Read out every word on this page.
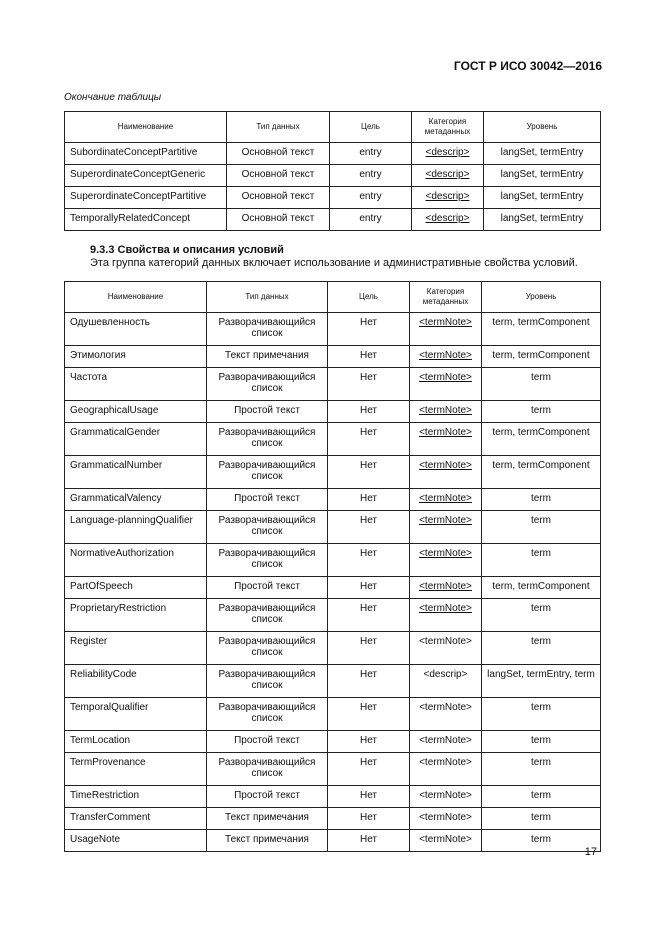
ГОСТ Р ИСО 30042—2016
Окончание таблицы
Наименование	Тип данных	Цель	Категория метаданных	Уровень
SubordinateConceptPartitive	Основной текст	entry	<descrip>	langSet, termEntry
SuperordinateConceptGeneric	Основной текст	entry	<descrip>	langSet, termEntry
SuperordinateConceptPartitive	Основной текст	entry	<descrip>	langSet, termEntry
TemporallyRelatedConcept	Основной текст	entry	<descrip>	langSet, termEntry
9.3.3 Свойства и описания условий
Эта группа категорий данных включает использование и административные свойства условий.
Наименование	Тип данных	Цель	Категория метаданных	Уровень
Одушевленность	Разворачивающийся список	Нет	<termNote>	term, termComponent
Этимология	Текст примечания	Нет	<termNote>	term, termComponent
Частота	Разворачивающийся список	Нет	<termNote>	term
GeographicalUsage	Простой текст	Нет	<termNote>	term
GrammaticalGender	Разворачивающийся список	Нет	<termNote>	term, termComponent
GrammaticalNumber	Разворачивающийся список	Нет	<termNote>	term, termComponent
GrammaticalValency	Простой текст	Нет	<termNote>	term
Language-planningQualifier	Разворачивающийся список	Нет	<termNote>	term
NormativeAuthorization	Разворачивающийся список	Нет	<termNote>	term
PartOfSpeech	Простой текст	Нет	<termNote>	term, termComponent
ProprietaryRestriction	Разворачивающийся список	Нет	<termNote>	term
Register	Разворачивающийся список	Нет	<termNote>	term
ReliabilityCode	Разворачивающийся список	Нет	<descrip>	langSet, termEntry, term
TemporalQualifier	Разворачивающийся список	Нет	<termNote>	term
TermLocation	Простой текст	Нет	<termNote>	term
TermProvenance	Разворачивающийся список	Нет	<termNote>	term
TimeRestriction	Простой текст	Нет	<termNote>	term
TransferComment	Текст примечания	Нет	<termNote>	term
UsageNote	Текст примечания	Нет	<termNote>	term
17
